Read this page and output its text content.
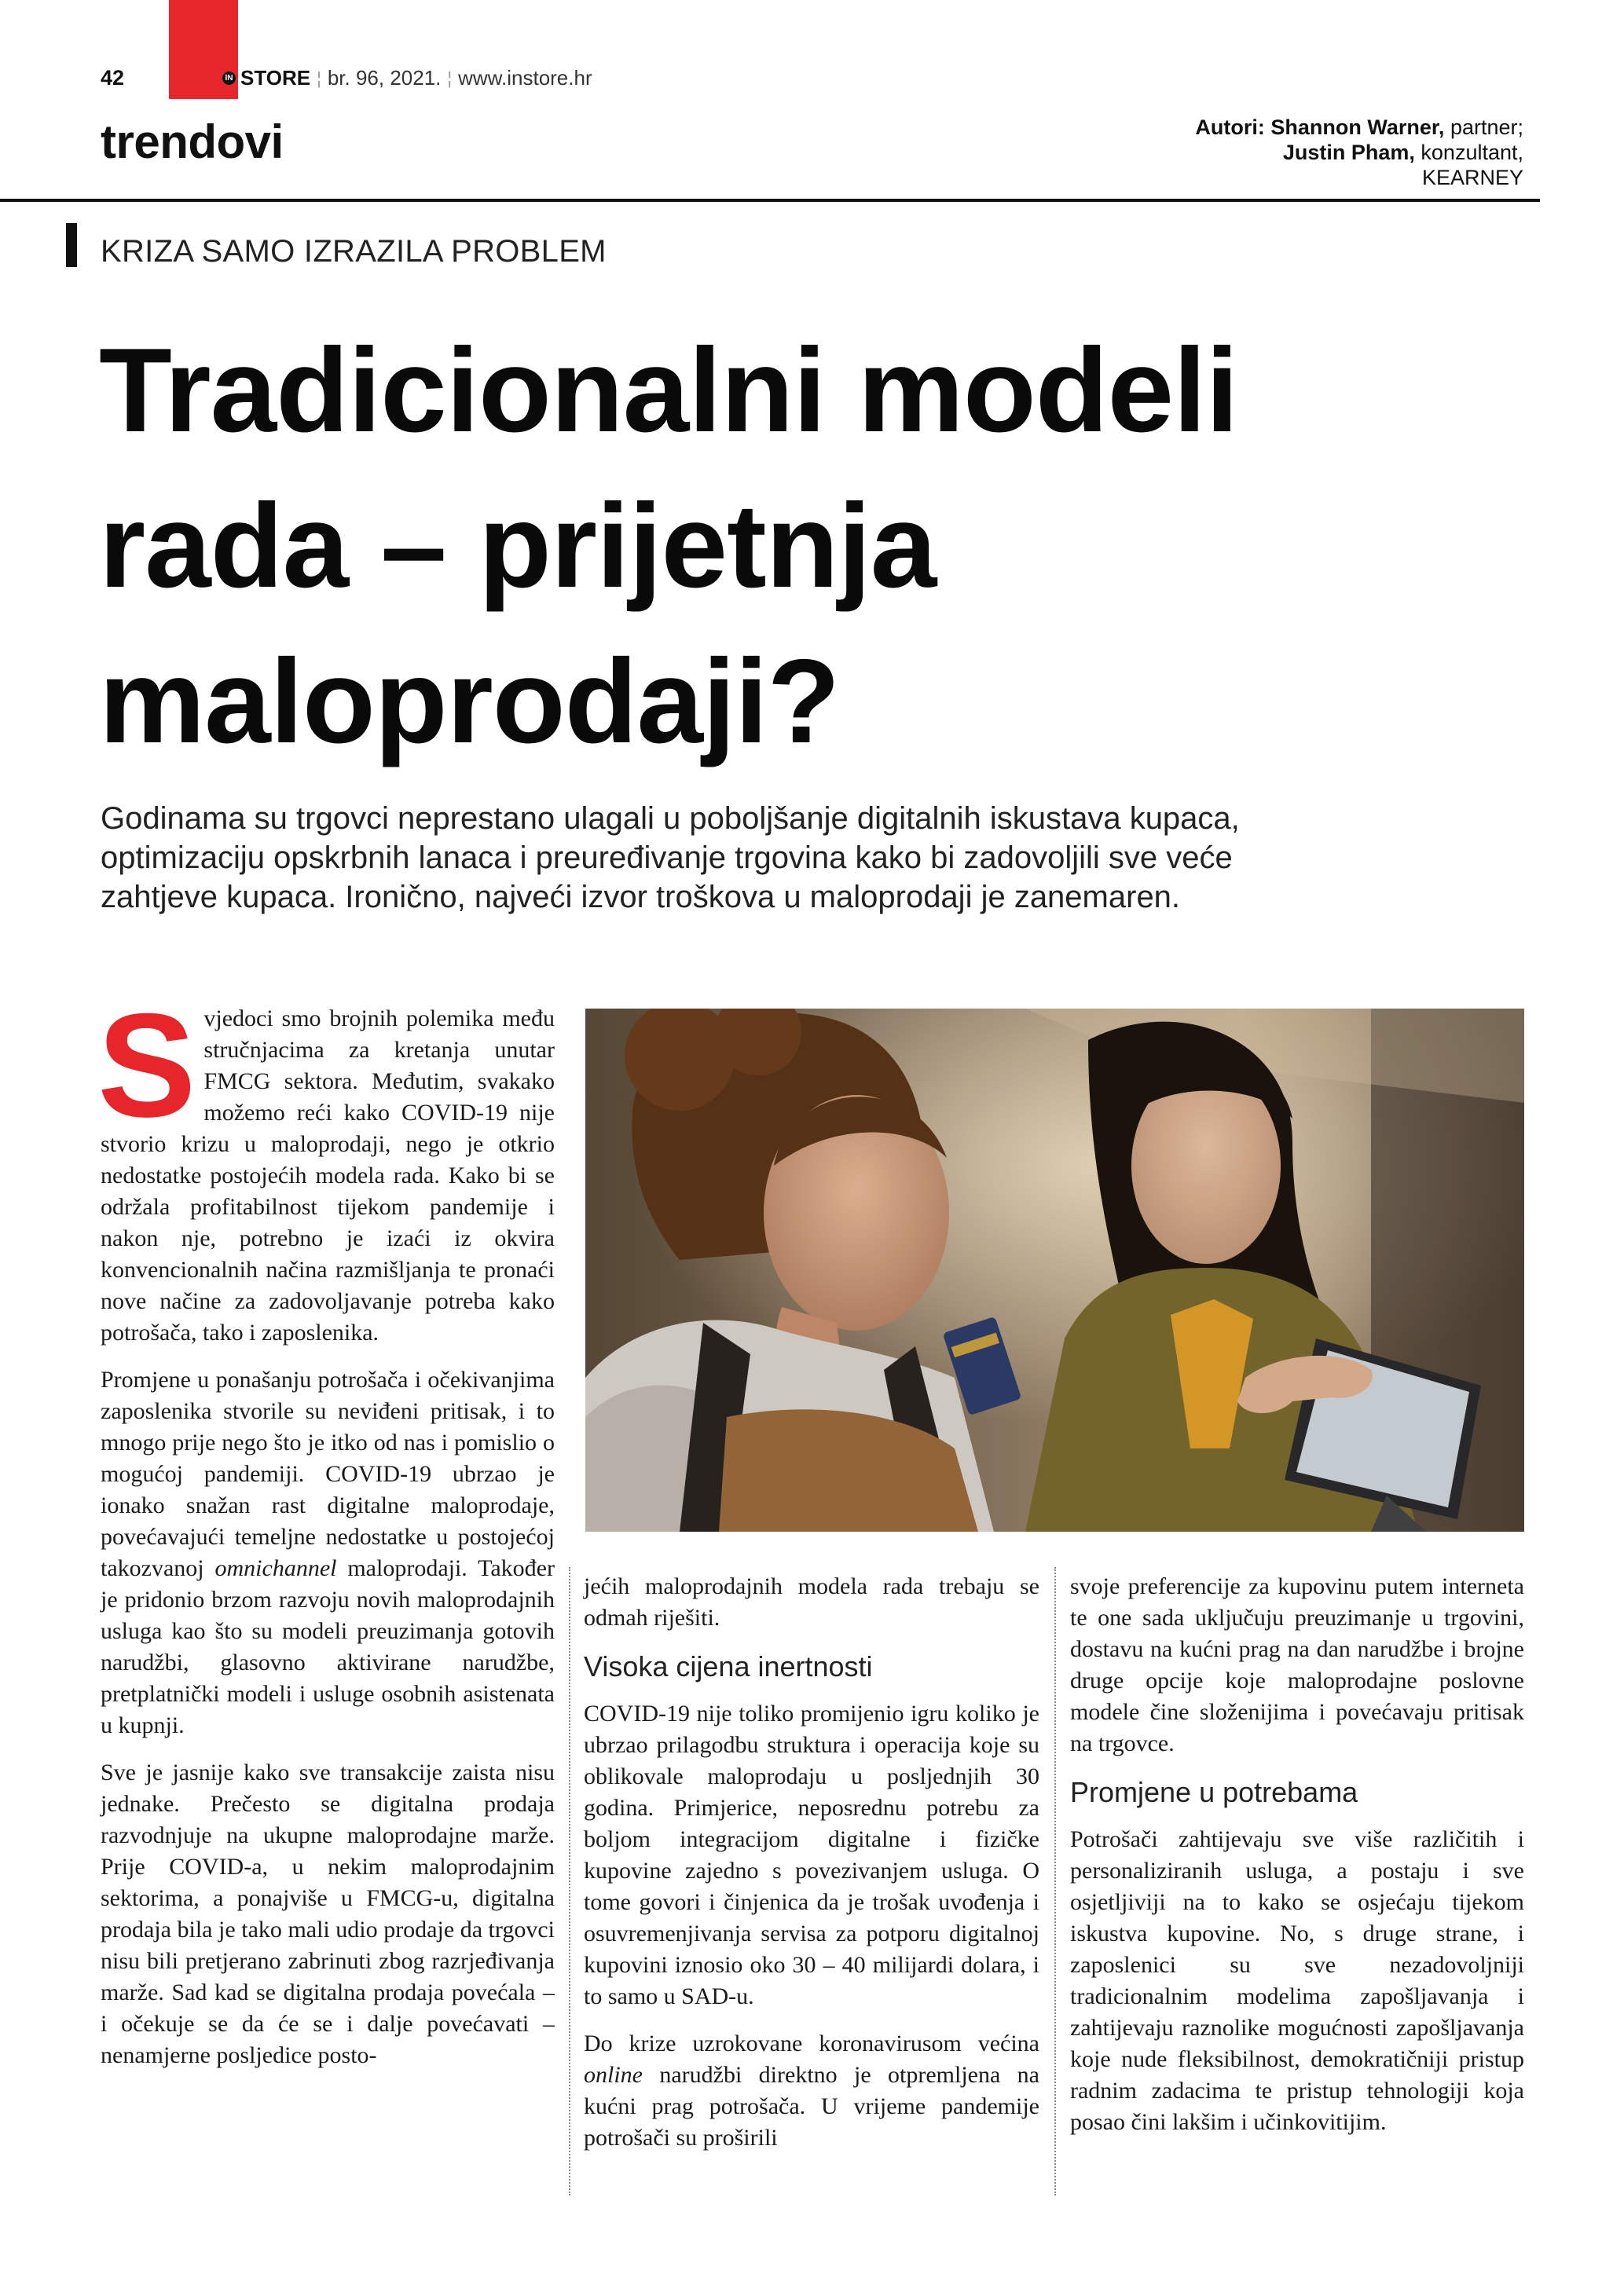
42	IN STORE ¦ br. 96, 2021. ¦ www.instore.hr
trendovi	Autori: Shannon Warner, partner;
Justin Pham, konzultant,
KEARNEY
KRIZA SAMO IZRAZILA PROBLEM
Tradicionalni modeli
rada – prijetnja
maloprodaji?

Godinama su trgovci neprestano ulagali u poboljšanje digitalnih iskustava kupaca,
optimizaciju opskrbnih lanaca i preuređivanje trgovina kako bi zadovoljili sve veće
zahtjeve kupaca. Ironično, najveći izvor troškova u maloprodaji je zanemaren.

Svjedoci smo brojnih polemika među stručnjacima za kretanja unutar FMCG sektora. Međutim, svakako možemo reći kako COVID-19 nije stvorio krizu u maloprodaji, nego je otkrio nedostatke postojećih modela rada. Kako bi se održala profitabilnost tijekom pandemije i nakon nje, potrebno je izaći iz okvira konvencionalnih načina razmišljanja te pronaći nove načine za zadovoljavanje potreba kako potrošača, tako i zaposlenika.

Promjene u ponašanju potrošača i očekivanjima zaposlenika stvorile su neviđeni pritisak, i to mnogo prije nego što je itko od nas i pomislio o mogućoj pandemiji. COVID-19 ubrzao je ionako snažan rast digitalne maloprodaje, povećavajući temeljne nedostatke u postojećoj takozvanoj omnichannel maloprodaji. Također je pridonio brzom razvoju novih maloprodajnih usluga kao što su modeli preuzimanja gotovih narudžbi, glasovno aktivirane narudžbe, pretplatnički modeli i usluge osobnih asistenata u kupnji.

Sve je jasnije kako sve transakcije zaista nisu jednake. Prečesto se digitalna prodaja razvodnjuje na ukupne maloprodajne marže. Prije COVID-a, u nekim maloprodajnim sektorima, a ponajviše u FMCG-u, digitalna prodaja bila je tako mali udio prodaje da trgovci nisu bili pretjerano zabrinuti zbog razrjeđivanja marže. Sad kad se digitalna prodaja povećala – i očekuje se da će se i dalje povećavati – nenamjerne posljedice posto-

jećih maloprodajnih modela rada trebaju se odmah riješiti.

Visoka cijena inertnosti

COVID-19 nije toliko promijenio igru koliko je ubrzao prilagodbu struktura i operacija koje su oblikovale maloprodaju u posljednjih 30 godina. Primjerice, neposrednu potrebu za boljom integracijom digitalne i fizičke kupovine zajedno s povezivanjem usluga. O tome govori i činjenica da je trošak uvođenja i osuvremenjivanja servisa za potporu digitalnoj kupovini iznosio oko 30 – 40 milijardi dolara, i to samo u SAD-u.

Do krize uzrokovane koronavirusom većina online narudžbi direktno je otpremljena na kućni prag potrošača. U vrijeme pandemije potrošači su proširili

svoje preferencije za kupovinu putem interneta te one sada uključuju preuzimanje u trgovini, dostavu na kućni prag na dan narudžbe i brojne druge opcije koje maloprodajne poslovne modele čine složenijima i povećavaju pritisak na trgovce.

Promjene u potrebama

Potrošači zahtijevaju sve više različitih i personaliziranih usluga, a postaju i sve osjetljiviji na to kako se osjećaju tijekom iskustva kupovine. No, s druge strane, i zaposlenici su sve nezadovoljniji tradicionalnim modelima zapošljavanja i zahtijevaju raznolike mogućnosti zapošljavanja koje nude fleksibilnost, demokratičniji pristup radnim zadacima te pristup tehnologiji koja posao čini lakšim i učinkovitijim.
